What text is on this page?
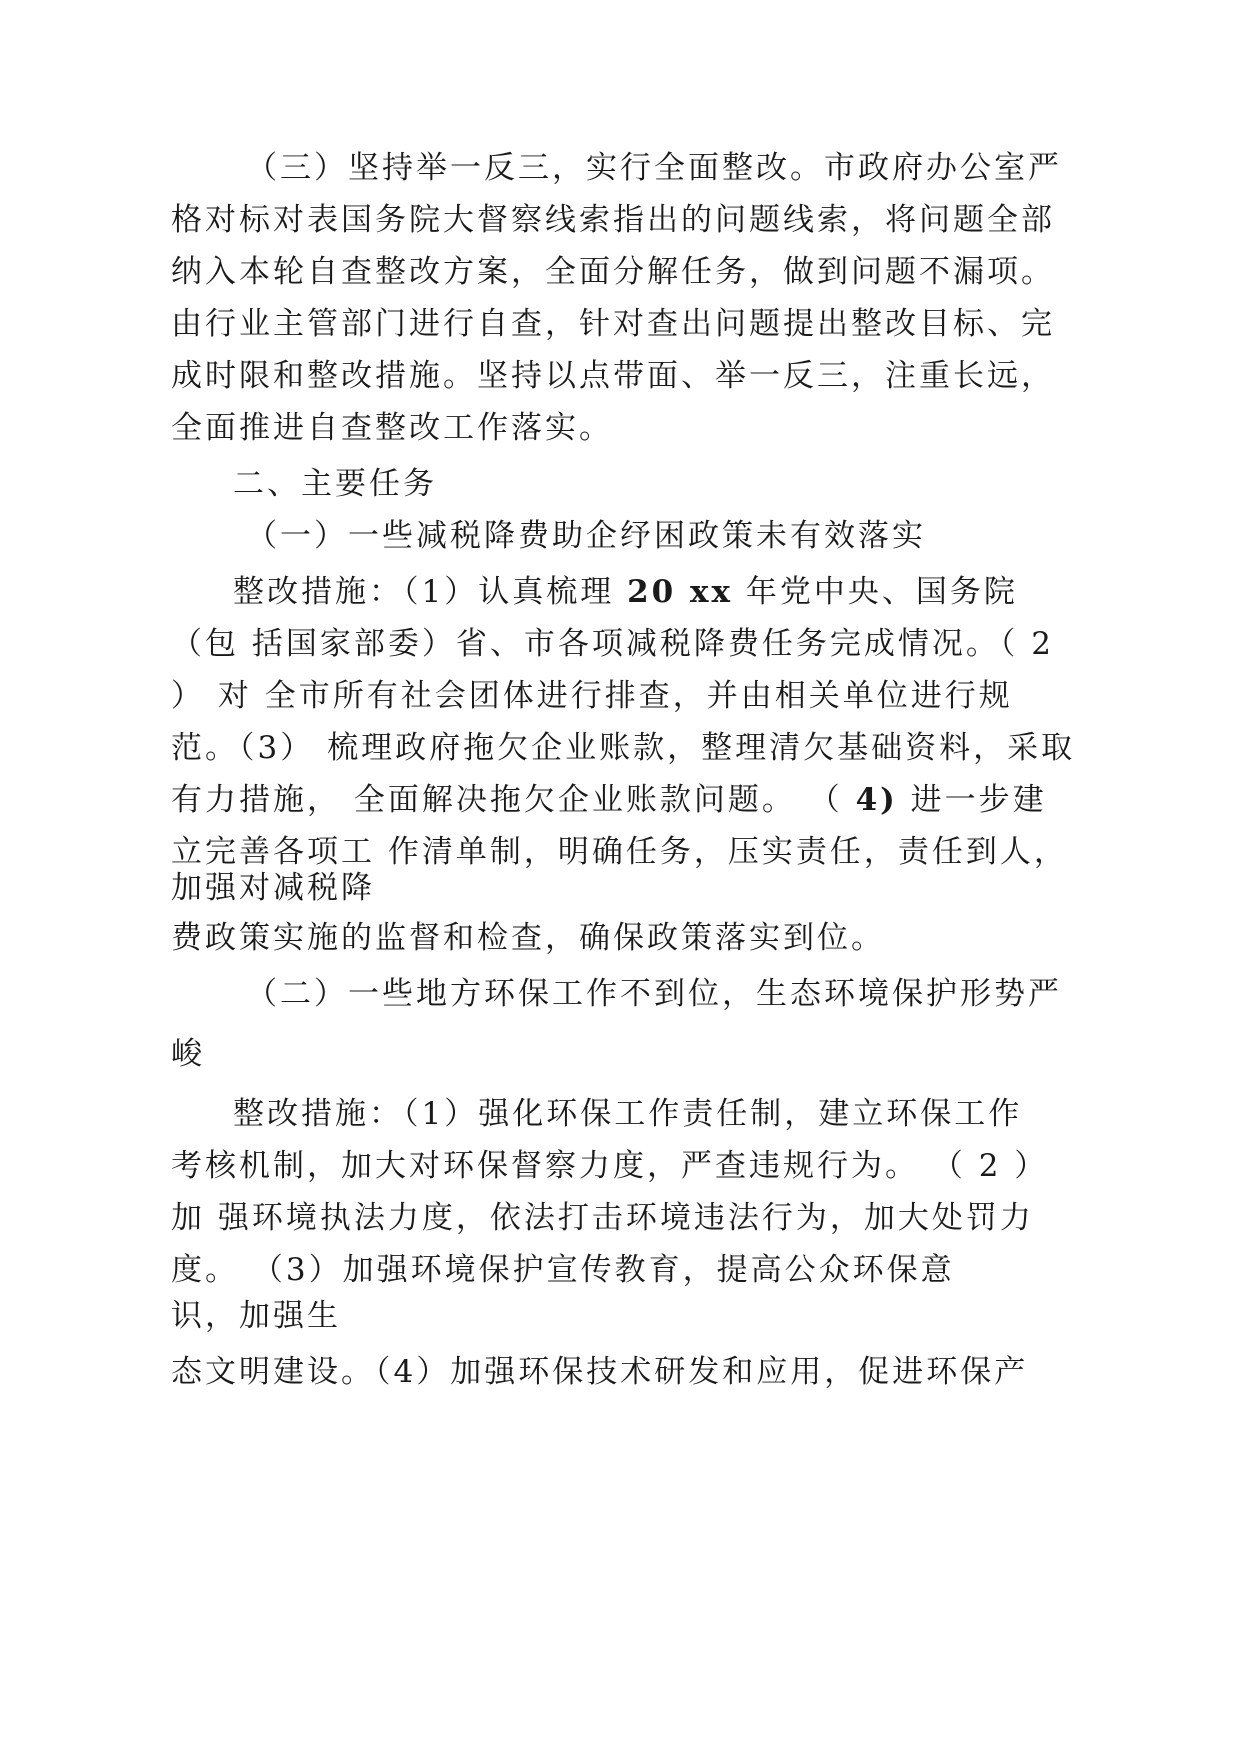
（三）坚持举一反三，实行全面整改。市政府办公室严
格对标对表国务院大督察线索指出的问题线索，将问题全部
纳入本轮自查整改方案，全面分解任务，做到问题不漏项。
由行业主管部门进行自查，针对查出问题提出整改目标、完
成时限和整改措施。坚持以点带面、举一反三，注重长远，
全面推进自查整改工作落实。
二、主要任务
（一）一些减税降费助企纾困政策未有效落实
整改措施：（1）认真梳理 20 xx 年党中央、国务院
（包 括国家部委）省、市各项减税降费任务完成情况。（ 2
） 对 全市所有社会团体进行排查，并由相关单位进行规
范。（3） 梳理政府拖欠企业账款，整理清欠基础资料，采取
有力措施， 全面解决拖欠企业账款问题。 （ 4) 进一步建
立完善各项工 作清单制，明确任务，压实责任，责任到人，
加强对减税降
费政策实施的监督和检查，确保政策落实到位。
（二）一些地方环保工作不到位，生态环境保护形势严
峻
整改措施：（1）强化环保工作责任制，建立环保工作
考核机制，加大对环保督察力度，严查违规行为。 （ 2 ）
加 强环境执法力度，依法打击环境违法行为，加大处罚力
度。 （3）加强环境保护宣传教育，提高公众环保意
识，加强生
态文明建设。（4）加强环保技术研发和应用，促进环保产
